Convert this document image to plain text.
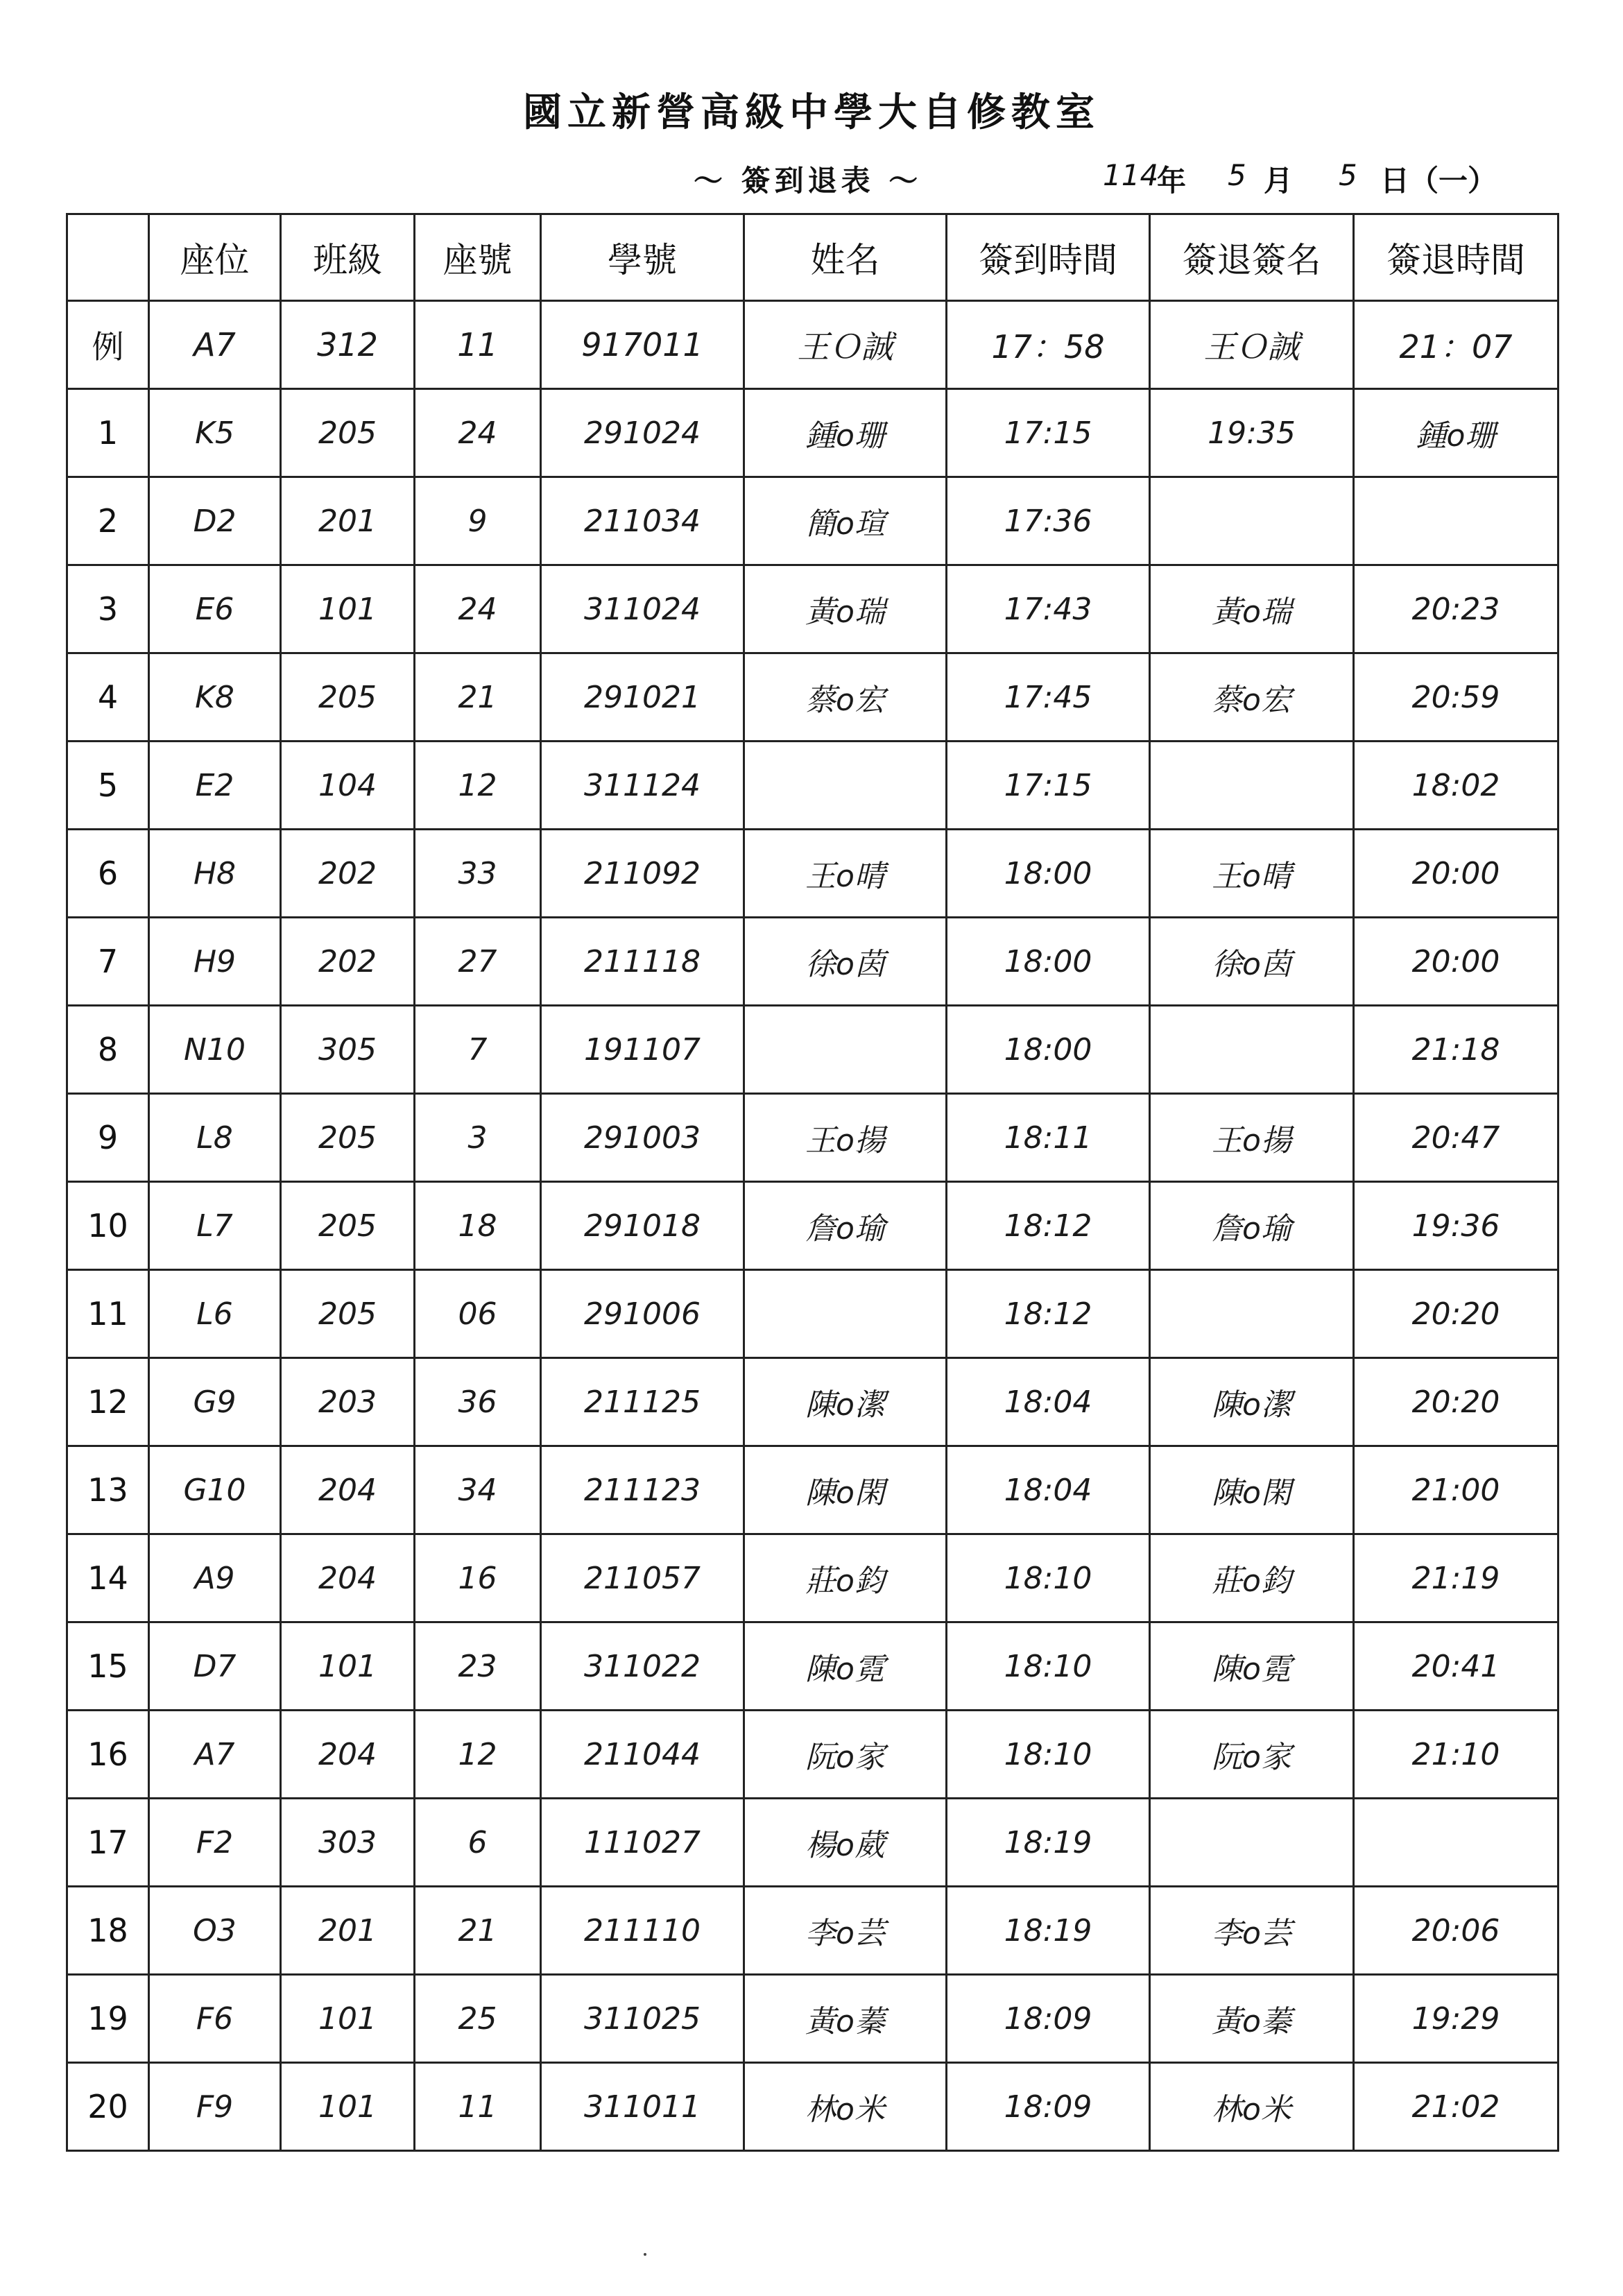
國立新營高級中學大自修教室
～ 簽到退表 ～	114
年 5 月 5 日（一）
	座位	班級	座號	學號	姓名	簽到時間	簽退簽名	簽退時間
例	A7	312	11	917011	王Ｏ誠	17：58	王Ｏ誠	21：07
1	K5	205	24	291024	鍾o珊	17:15	19:35	鍾o珊
2	D2	201	9	211034	簡o瑄	17:36		
3	E6	101	24	311024	黃o瑞	17:43	黃o瑞	20:23
4	K8	205	21	291021	蔡o宏	17:45	蔡o宏	20:59
5	E2	104	12	311124		17:15		18:02
6	H8	202	33	211092	王o晴	18:00	王o晴	20:00
7	H9	202	27	211118	徐o茵	18:00	徐o茵	20:00
8	N10	305	7	191107		18:00		21:18
9	L8	205	3	291003	王o揚	18:11	王o揚	20:47
10	L7	205	18	291018	詹o瑜	18:12	詹o瑜	19:36
11	L6	205	06	291006		18:12		20:20
12	G9	203	36	211125	陳o潔	18:04	陳o潔	20:20
13	G10	204	34	211123	陳o閑	18:04	陳o閑	21:00
14	A9	204	16	211057	莊o鈞	18:10	莊o鈞	21:19
15	D7	101	23	311022	陳o霓	18:10	陳o霓	20:41
16	A7	204	12	211044	阮o家	18:10	阮o家	21:10
17	F2	303	6	111027	楊o葳	18:19		
18	O3	201	21	211110	李o芸	18:19	李o芸	20:06
19	F6	101	25	311025	黃o蓁	18:09	黃o蓁	19:29
20	F9	101	11	311011	林o米	18:09	林o米	21:02
